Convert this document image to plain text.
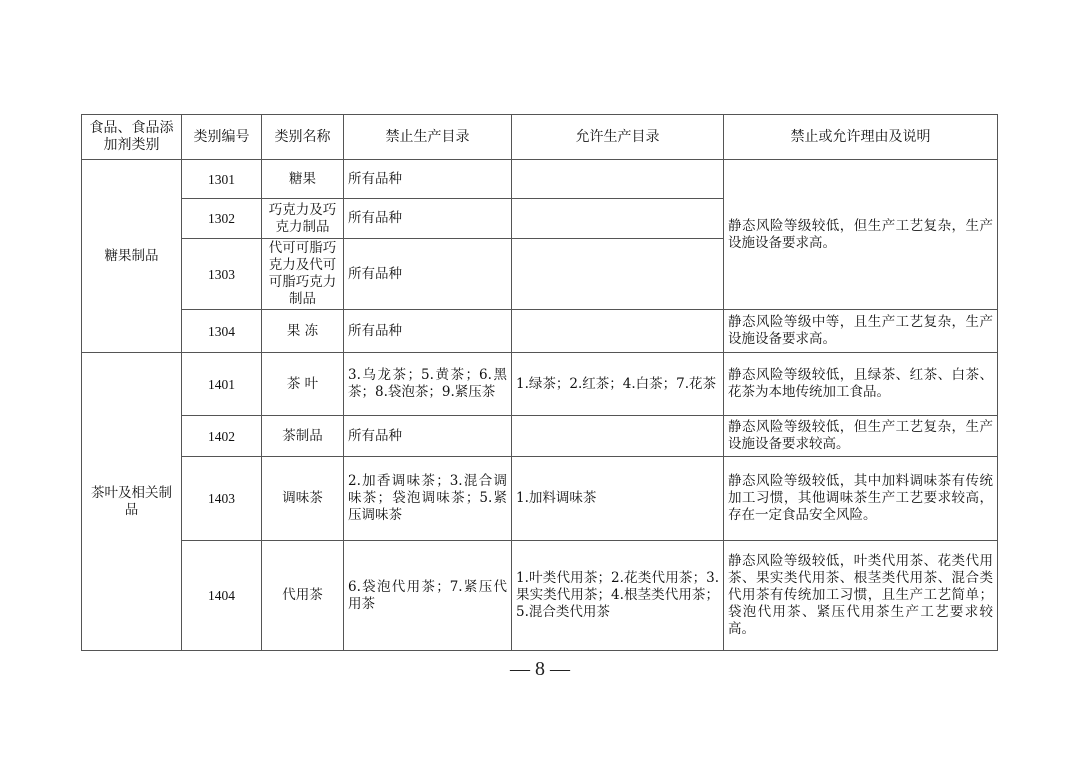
食品、食品添加剂类别	类别编号	类别名称	禁止生产目录	允许生产目录	禁止或允许理由及说明
糖果制品	1301	糖果	所有品种		静态风险等级较低，但生产工艺复杂，生产设施设备要求高。
	1302	巧克力及巧克力制品	所有品种		
	1303	代可可脂巧克力及代可可脂巧克力制品	所有品种		
	1304	果 冻	所有品种		静态风险等级中等，且生产工艺复杂，生产设施设备要求高。
茶叶及相关制品	1401	茶 叶	3.乌龙茶；5.黄茶；6.黑茶；8.袋泡茶；9.紧压茶	1.绿茶；2.红茶；4.白茶；7.花茶	静态风险等级较低，且绿茶、红茶、白茶、花茶为本地传统加工食品。
	1402	茶制品	所有品种		静态风险等级较低，但生产工艺复杂，生产设施设备要求较高。
	1403	调味茶	2.加香调味茶；3.混合调味茶；袋泡调味茶；5.紧压调味茶	1.加料调味茶	静态风险等级较低，其中加料调味茶有传统加工习惯，其他调味茶生产工艺要求较高，存在一定食品安全风险。
	1404	代用茶	6.袋泡代用茶；7.紧压代用茶	1.叶类代用茶；2.花类代用茶；3.果实类代用茶；4.根茎类代用茶；5.混合类代用茶	静态风险等级较低，叶类代用茶、花类代用茶、果实类代用茶、根茎类代用茶、混合类代用茶有传统加工习惯，且生产工艺简单；袋泡代用茶、紧压代用茶生产工艺要求较高。
— 8 —
